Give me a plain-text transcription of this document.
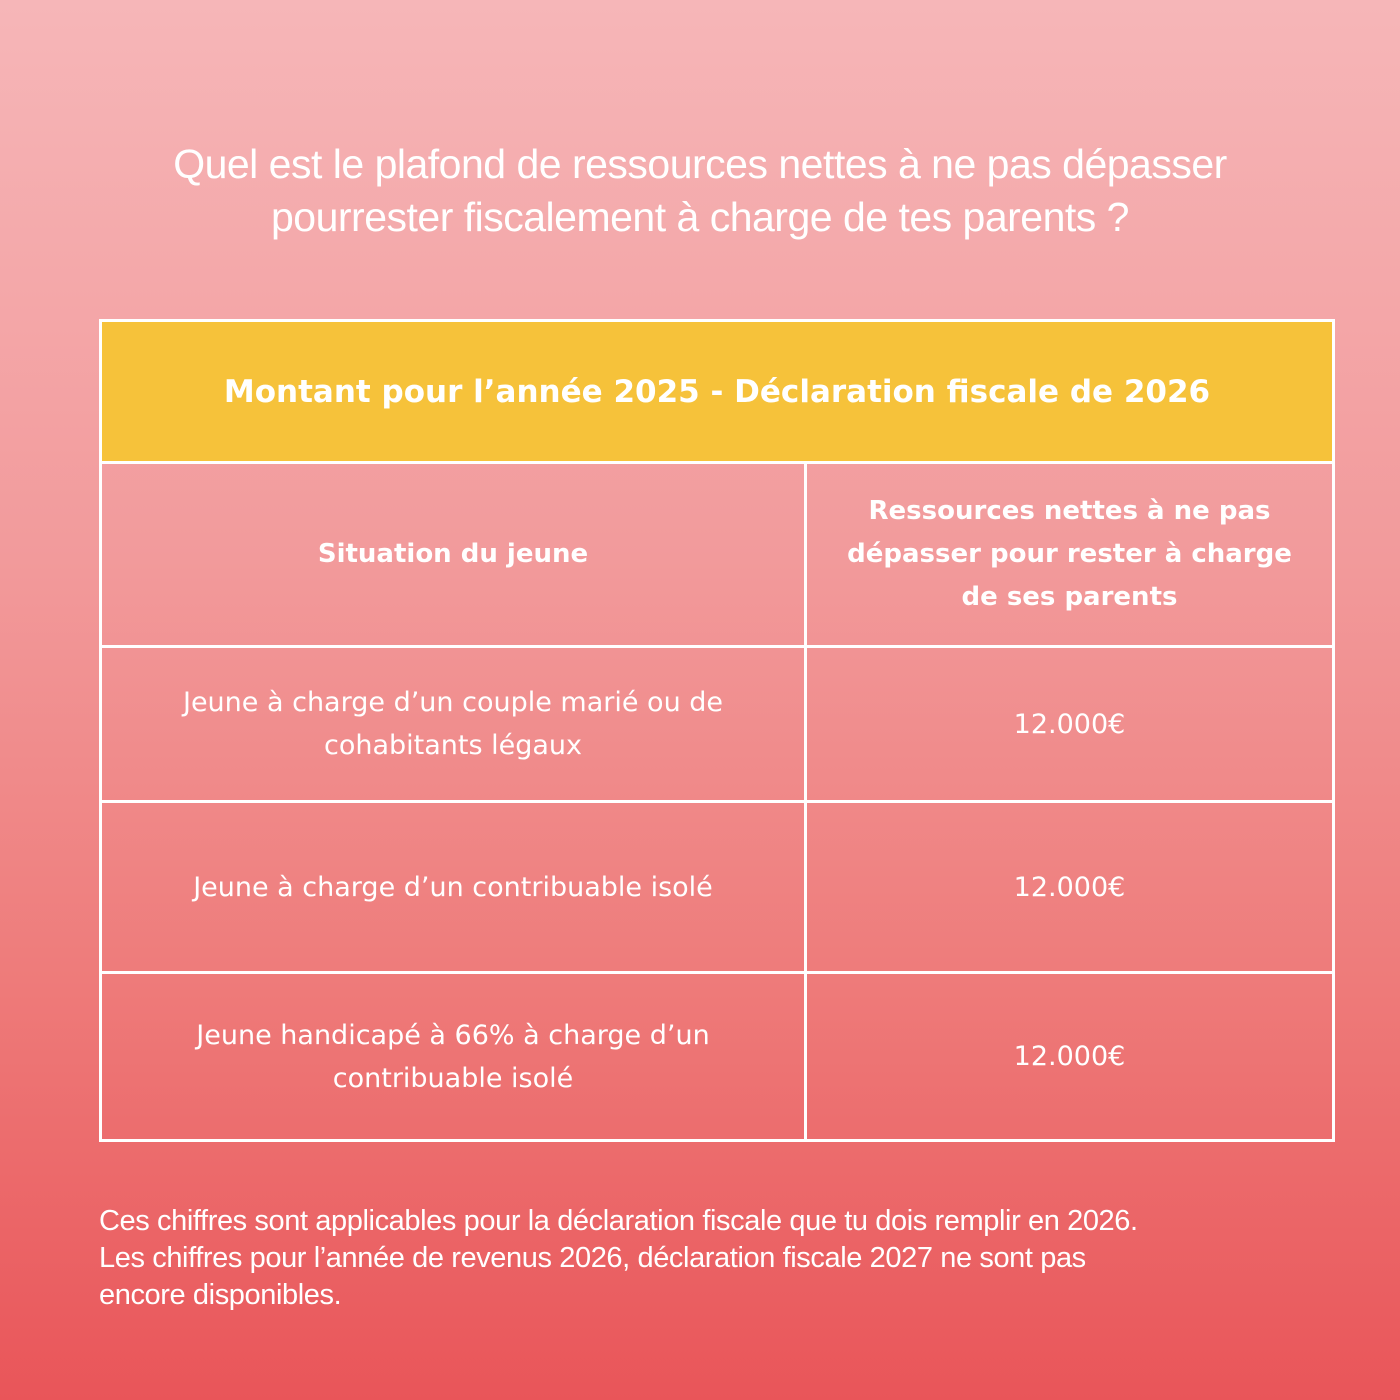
Quel est le plafond de ressources nettes à ne pas dépasser
pourrester fiscalement à charge de tes parents ?
Montant pour l’année 2025 - Déclaration fiscale de 2026
Situation du jeune
Ressources nettes à ne pas dépasser pour rester à charge de ses parents
Jeune à charge d’un couple marié ou de cohabitants légaux
12.000€
Jeune à charge d’un contribuable isolé	12.000€
Jeune handicapé à 66% à charge d’un contribuable isolé
12.000€
Ces chiffres sont applicables pour la déclaration fiscale que tu dois remplir en 2026.
Les chiffres pour l’année de revenus 2026, déclaration fiscale 2027 ne sont pas
encore disponibles.
